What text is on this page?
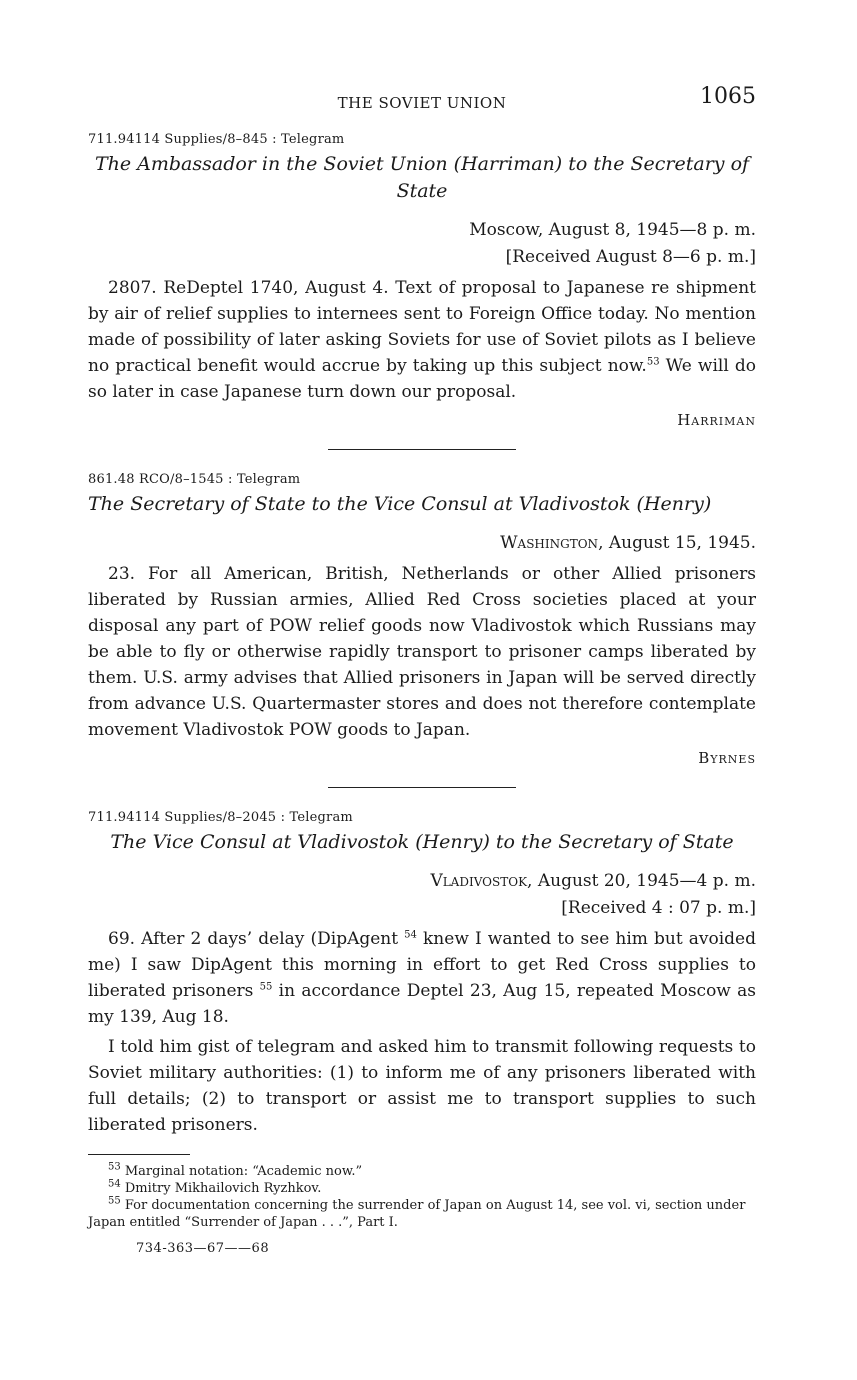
THE SOVIET UNION	1065
711.94114 Supplies/8–845 : Telegram

The Ambassador in the Soviet Union (Harriman) to the Secretary of State

Moscow, August 8, 1945—8 p. m.
[Received August 8—6 p. m.]

2807. ReDeptel 1740, August 4. Text of proposal to Japanese re shipment by air of relief supplies to internees sent to Foreign Office today. No mention made of possibility of later asking Soviets for use of Soviet pilots as I believe no practical benefit would accrue by taking up this subject now.$^{53}$ We will do so later in case Japanese turn down our proposal.

Harriman
861.48 RCO/8–1545 : Telegram

The Secretary of State to the Vice Consul at Vladivostok (Henry)

Washington, August 15, 1945.

23. For all American, British, Netherlands or other Allied prisoners liberated by Russian armies, Allied Red Cross societies placed at your disposal any part of POW relief goods now Vladivostok which Russians may be able to fly or otherwise rapidly transport to prisoner camps liberated by them. U.S. army advises that Allied prisoners in Japan will be served directly from advance U.S. Quartermaster stores and does not therefore contemplate movement Vladivostok POW goods to Japan.

Byrnes
711.94114 Supplies/8–2045 : Telegram

The Vice Consul at Vladivostok (Henry) to the Secretary of State

Vladivostok, August 20, 1945—4 p. m.
[Received 4 : 07 p. m.]

69. After 2 days’ delay (DipAgent $^{54}$ knew I wanted to see him but avoided me) I saw DipAgent this morning in effort to get Red Cross supplies to liberated prisoners $^{55}$ in accordance Deptel 23, Aug 15, repeated Moscow as my 139, Aug 18.

I told him gist of telegram and asked him to transmit following requests to Soviet military authorities: (1) to inform me of any prisoners liberated with full details; (2) to transport or assist me to transport supplies to such liberated prisoners.

$^{53}$ Marginal notation: “Academic now.”

$^{54}$ Dmitry Mikhailovich Ryzhkov.

$^{55}$ For documentation concerning the surrender of Japan on August 14, see vol. vi, section under Japan entitled “Surrender of Japan . . .”, Part I.

734-363—67——68
